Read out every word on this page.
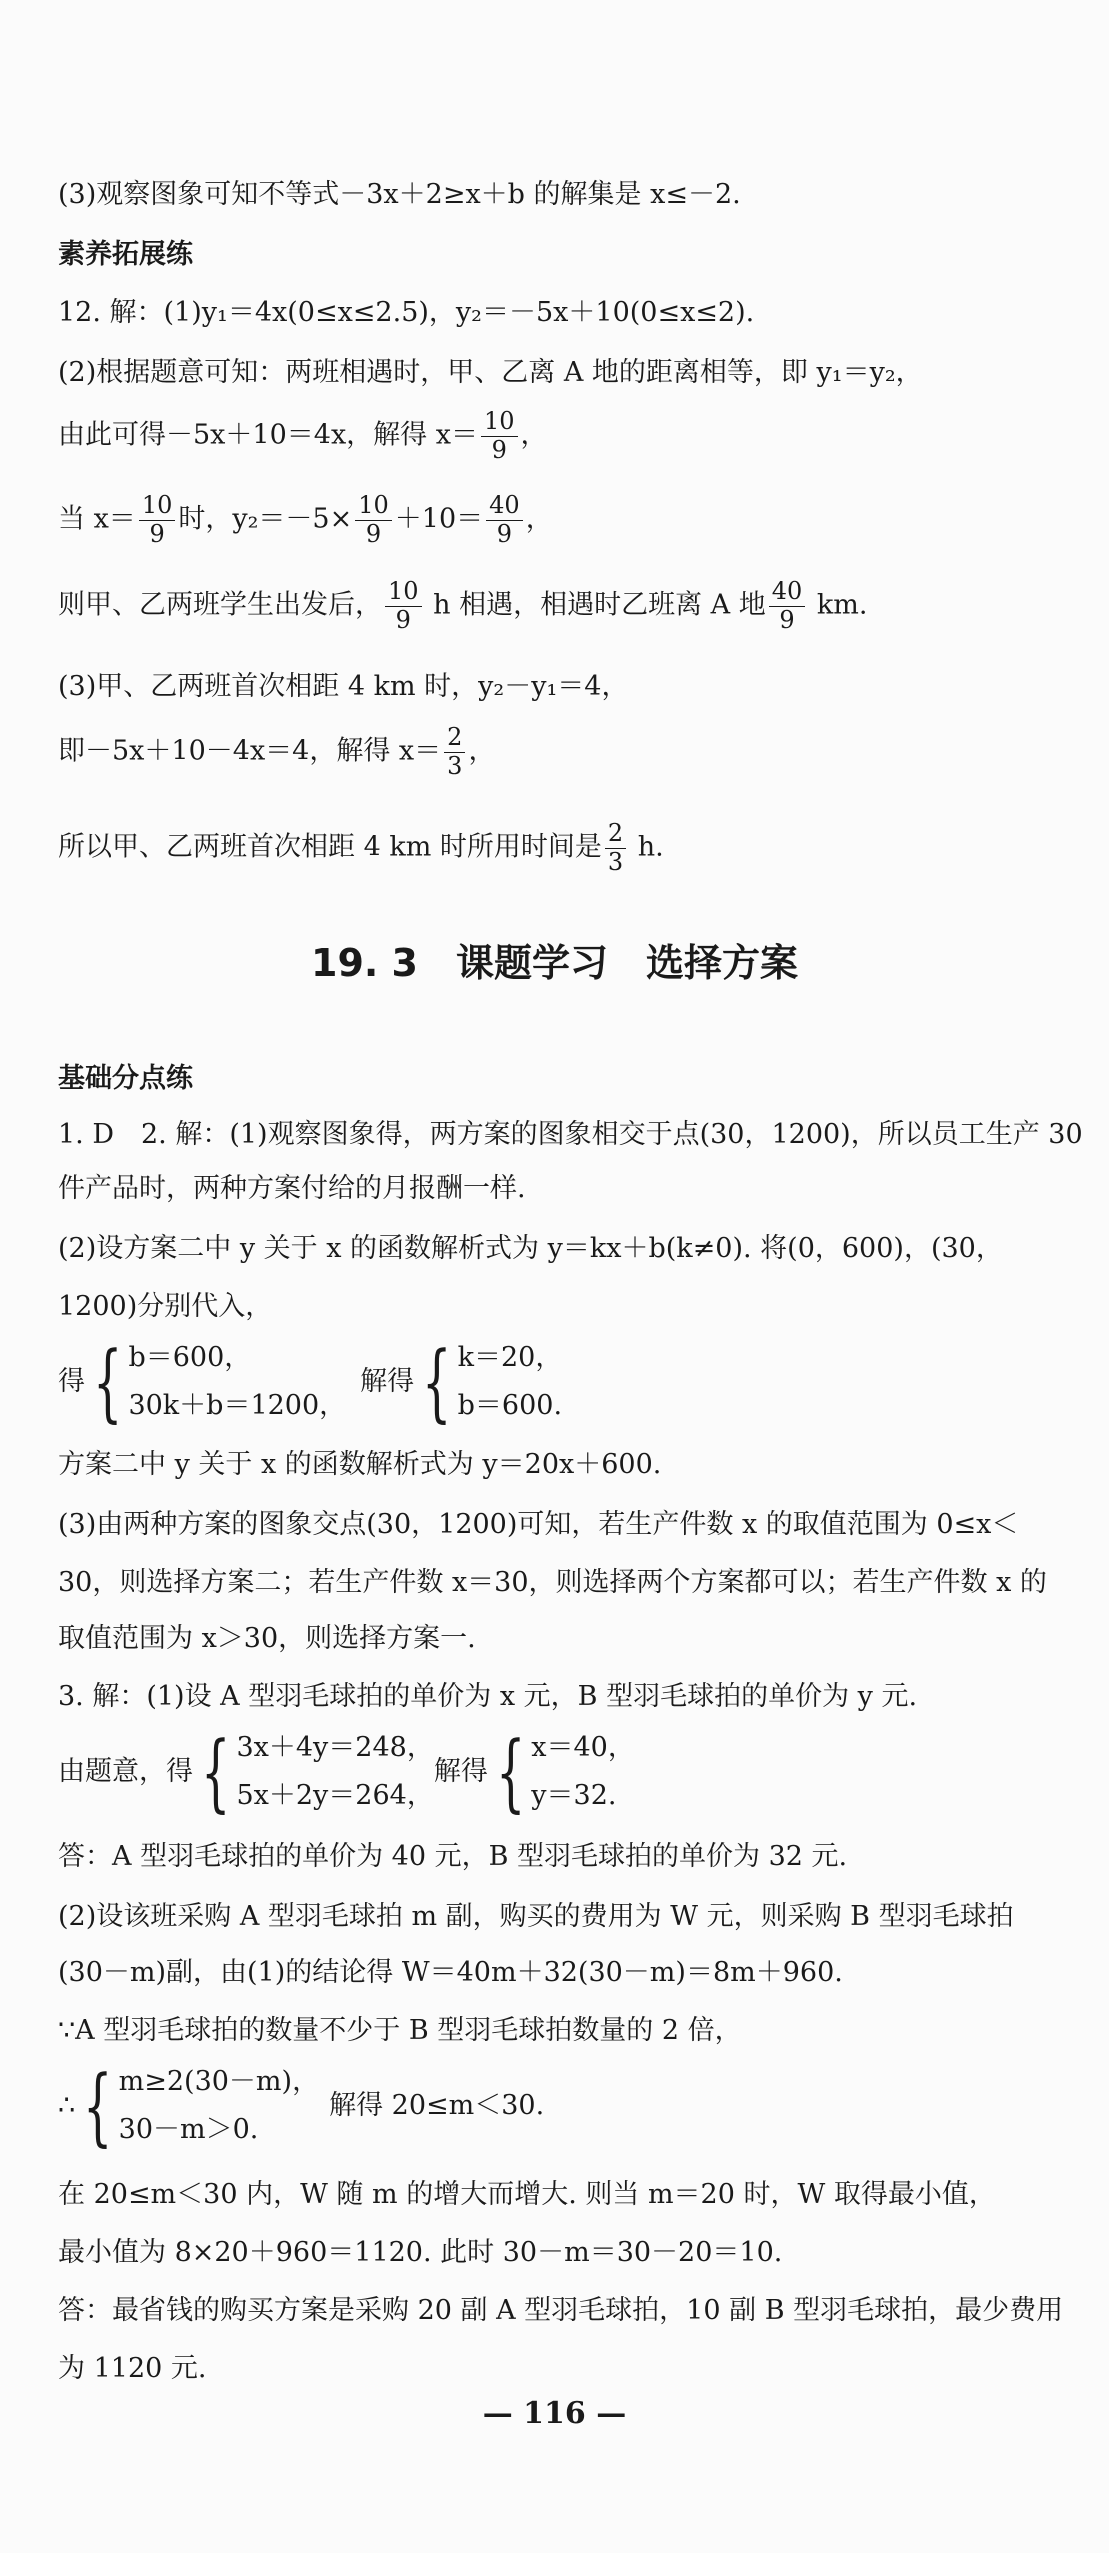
(3)观察图象可知不等式－3x＋2≥x＋b 的解集是 x≤－2.
素养拓展练
12. 解：(1)y₁＝4x(0≤x≤2.5)，y₂＝－5x＋10(0≤x≤2).
(2)根据题意可知：两班相遇时，甲、乙离 A 地的距离相等，即 y₁＝y₂，
由此可得－5x＋10＝4x，解得 $x= \frac{10}{9}$ ，
当 $x= \frac{10}{9}$ 时，$y_2=-5\times \frac{10}{9} +10= \frac{40}{9}$ ，
则甲、乙两班学生出发后， $\frac{10}{9}$ h 相遇，相遇时乙班离 A 地 $\frac{40}{9}$ km.
(3)甲、乙两班首次相距 4 km 时，y₂－y₁＝4，
即－5x＋10－4x＝4，解得 $x= \frac{2}{3}$ ，
所以甲、乙两班首次相距 4 km 时所用时间是 $\frac{2}{3} h$.
19. 3　课题学习　选择方案
基础分点练
1. D　2. 解：(1)观察图象得，两方案的图象相交于点(30，1200)，所以员工生产 30
件产品时，两种方案付给的月报酬一样.
(2)设方案二中 y 关于 x 的函数解析式为 y＝kx＋b(k≠0). 将(0，600)，(30，
1200)分别代入，
得 { b＝600，
30k＋b＝1200，
解得 { k＝20，
b＝600.
方案二中 y 关于 x 的函数解析式为 y＝20x＋600.
(3)由两种方案的图象交点(30，1200)可知，若生产件数 x 的取值范围为 0≤x＜
30，则选择方案二；若生产件数 x＝30，则选择两个方案都可以；若生产件数 x 的
取值范围为 x＞30，则选择方案一.
3. 解：(1)设 A 型羽毛球拍的单价为 x 元，B 型羽毛球拍的单价为 y 元.
由题意，得 { 3x＋4y＝248，
5x＋2y＝264，
解得 { x＝40，
y＝32.
答：A 型羽毛球拍的单价为 40 元，B 型羽毛球拍的单价为 32 元.
(2)设该班采购 A 型羽毛球拍 m 副，购买的费用为 W 元，则采购 B 型羽毛球拍
(30－m)副，由(1)的结论得 W＝40m＋32(30－m)＝8m＋960.
∵A 型羽毛球拍的数量不少于 B 型羽毛球拍数量的 2 倍，
∴ { m≥2(30－m)，
30－m＞0.
解得 20≤m＜30.
在 20≤m＜30 内，W 随 m 的增大而增大. 则当 m＝20 时，W 取得最小值，
最小值为 8×20＋960＝1120. 此时 30－m＝30－20＝10.
答：最省钱的购买方案是采购 20 副 A 型羽毛球拍，10 副 B 型羽毛球拍，最少费用
为 1120 元.
— 116 —
